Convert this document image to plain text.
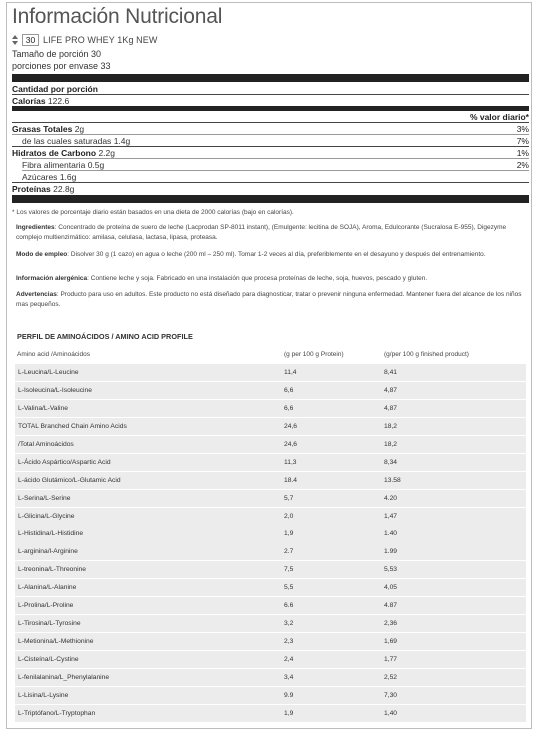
Información Nutricional
30 LIFE PRO WHEY 1Kg NEW
Tamaño de porción 30
porciones por envase 33
Cantidad por porción
Calorías 122.6
% valor diario*
Grasas Totales 2g	3%
de las cuales saturadas 1.4g	7%
Hidratos de Carbono 2.2g	1%
Fibra alimentaria 0.5g	2%
Azúcares 1.6g
Proteínas 22.8g
* Los valores de porcentaje diario están basados en una dieta de 2000 calorías (bajo en calorías).
Ingredientes: Concentrado de proteína de suero de leche (Lacprodan SP-8011 instant), (Emulgente: lecitina de SOJA), Aroma, Edulcorante (Sucralosa E-955), Digezyme complejo multienzimático: amilasa, celulasa, lactasa, lipasa, proteasa.
Modo de empleo: Disolver 30 g (1 cazo) en agua o leche (200 ml – 250 ml). Tomar 1-2 veces al día, preferiblemente en el desayuno y después del entrenamiento.
Información alergénica: Contiene leche y soja. Fabricado en una instalación que procesa proteínas de leche, soja, huevos, pescado y gluten.
Advertencias: Producto para uso en adultos. Este producto no está diseñado para diagnosticar, tratar o prevenir ninguna enfermedad. Mantener fuera del alcance de los niños mas pequeños.
PERFIL DE AMINOÁCIDOS / AMINO ACID PROFILE
Amino acid /Aminoácidos	(g per 100 g Protein)	(g/per 100 g finished product)
L-Leucina/L-Leucine	11,4	8,41
L-Isoleucina/L-Isoleucine	6,6	4,87
L-Valina/L-Valine	6,6	4,87
TOTAL Branched Chain Amino Acids	24,6	18,2
/Total Aminoácidos	24,6	18,2
L-Ácido Aspártico/Aspartic Acid	11,3	8,34
L-ácido Glutámico/L-Glutamic Acid	18.4	13.58
L-Serina/L-Serine	5,7	4.20
L-Glicina/L-Glycine	2,0	1,47
L-Histidina/L-Histidine	1,9	1.40
L-arginina/l-Arginine	2.7	1.99
L-treonina/L-Threonine	7,5	5,53
L-Alanina/L-Alanine	5,5	4,05
L-Prolina/L-Proline	6.6	4.87
L-Tirosina/L-Tyrosine	3,2	2,36
L-Metionina/L-Methionine	2,3	1,69
L-Cisteína/L-Cystine	2,4	1,77
L-fenilalanina/L_Phenylalanine	3,4	2,52
L-Lisina/L-Lysine	9.9	7,30
L-Triptófano/L-Tryptophan	1,9	1,40
